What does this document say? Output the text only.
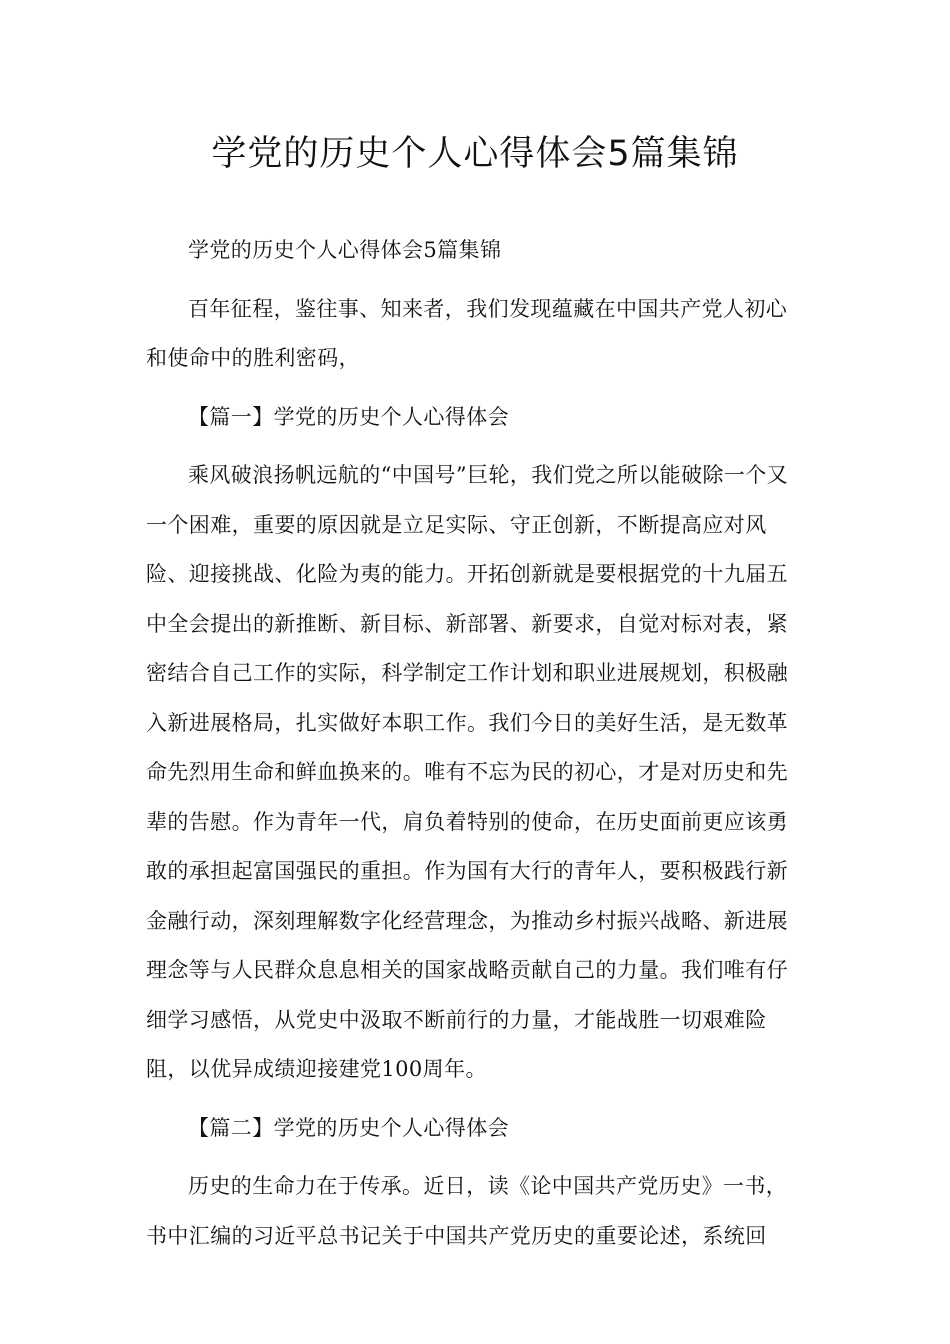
学党的历史个人心得体会5篇集锦

学党的历史个人心得体会5篇集锦

百年征程，鉴往事、知来者，我们发现蕴藏在中国共产党人初心和使命中的胜利密码，

【篇一】学党的历史个人心得体会

乘风破浪扬帆远航的“中国号”巨轮，我们党之所以能破除一个又一个困难，重要的原因就是立足实际、守正创新，不断提高应对风险、迎接挑战、化险为夷的能力。开拓创新就是要根据党的十九届五中全会提出的新推断、新目标、新部署、新要求，自觉对标对表，紧密结合自己工作的实际，科学制定工作计划和职业进展规划，积极融入新进展格局，扎实做好本职工作。我们今日的美好生活，是无数革命先烈用生命和鲜血换来的。唯有不忘为民的初心，才是对历史和先辈的告慰。作为青年一代，肩负着特别的使命，在历史面前更应该勇敢的承担起富国强民的重担。作为国有大行的青年人，要积极践行新金融行动，深刻理解数字化经营理念，为推动乡村振兴战略、新进展理念等与人民群众息息相关的国家战略贡献自己的力量。我们唯有仔细学习感悟，从党史中汲取不断前行的力量，才能战胜一切艰难险阻，以优异成绩迎接建党100周年。

【篇二】学党的历史个人心得体会

历史的生命力在于传承。近日，读《论中国共产党历史》一书，书中汇编的习近平总书记关于中国共产党历史的重要论述，系统回
